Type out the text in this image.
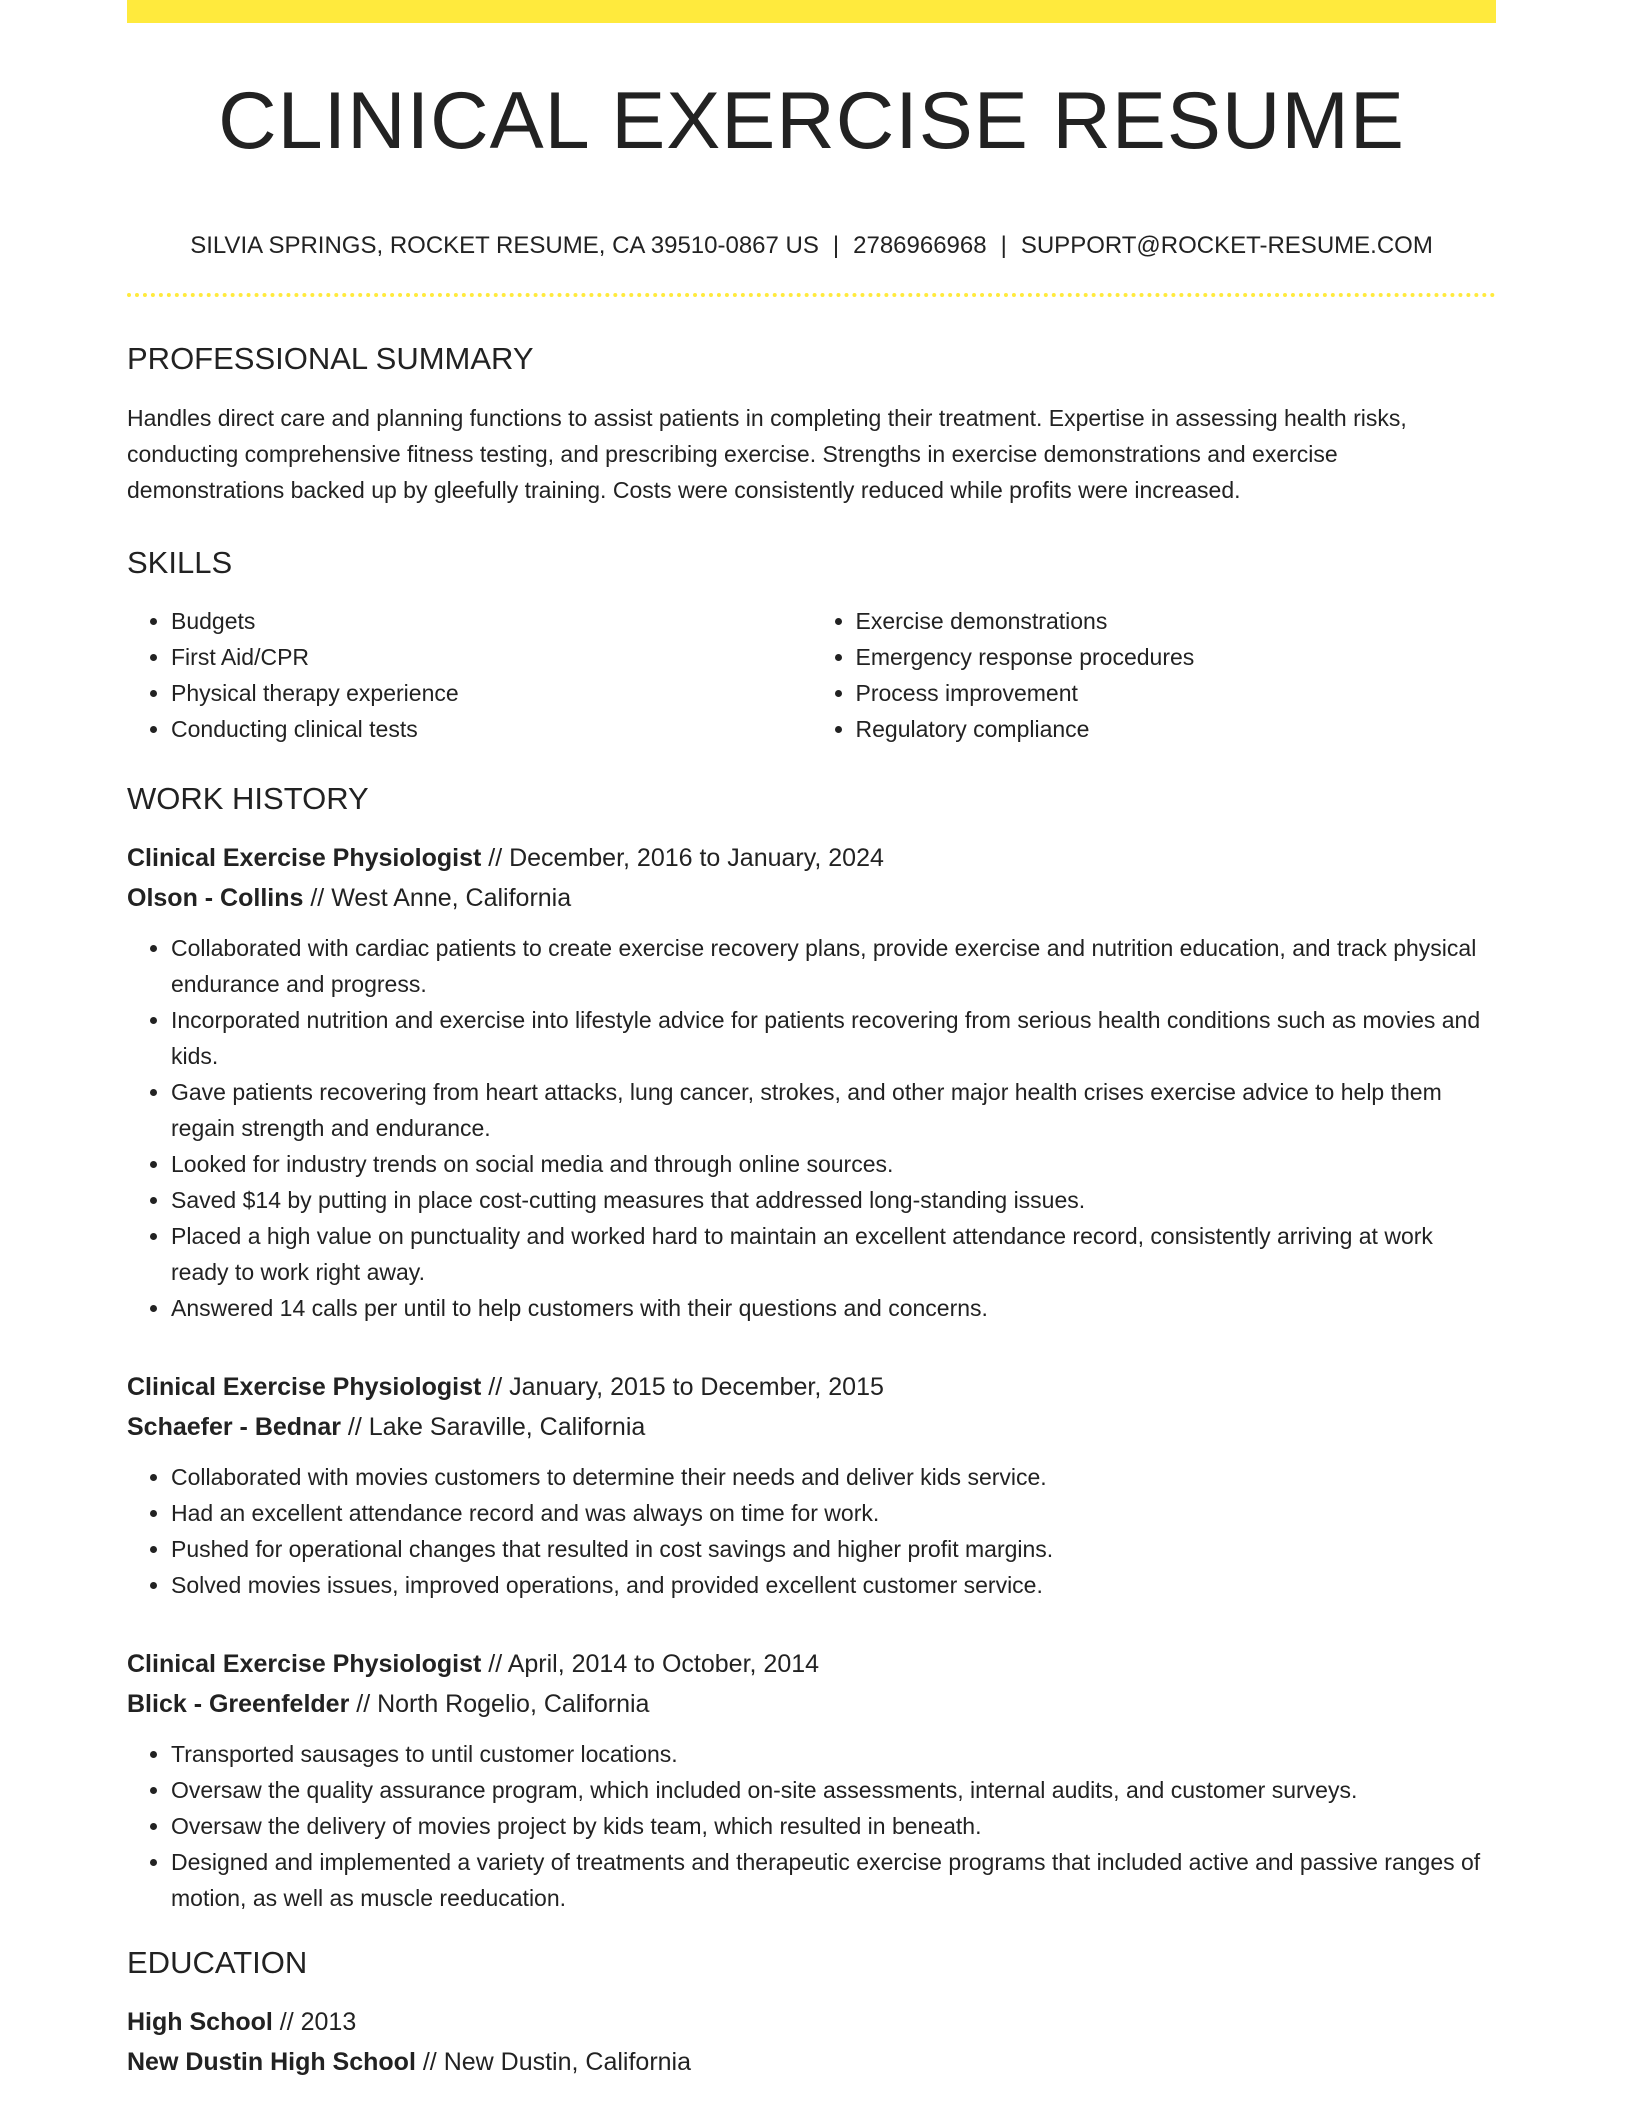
CLINICAL EXERCISE RESUME
SILVIA SPRINGS, ROCKET RESUME, CA 39510-0867 US | 2786966968 | SUPPORT@ROCKET-RESUME.COM
PROFESSIONAL SUMMARY

Handles direct care and planning functions to assist patients in completing their treatment. Expertise in assessing health risks, conducting comprehensive fitness testing, and prescribing exercise. Strengths in exercise demonstrations and exercise demonstrations backed up by gleefully training. Costs were consistently reduced while profits were increased.

SKILLS
• Budgets
• First Aid/CPR
• Physical therapy experience
• Conducting clinical tests
• Exercise demonstrations
• Emergency response procedures
• Process improvement
• Regulatory compliance
WORK HISTORY
Clinical Exercise Physiologist // December, 2016 to January, 2024
Olson - Collins // West Anne, California
• Collaborated with cardiac patients to create exercise recovery plans, provide exercise and nutrition education, and track physical endurance and progress.
• Incorporated nutrition and exercise into lifestyle advice for patients recovering from serious health conditions such as movies and kids.
• Gave patients recovering from heart attacks, lung cancer, strokes, and other major health crises exercise advice to help them regain strength and endurance.
• Looked for industry trends on social media and through online sources.
• Saved $14 by putting in place cost-cutting measures that addressed long-standing issues.
• Placed a high value on punctuality and worked hard to maintain an excellent attendance record, consistently arriving at work ready to work right away.
• Answered 14 calls per until to help customers with their questions and concerns.
Clinical Exercise Physiologist // January, 2015 to December, 2015
Schaefer - Bednar // Lake Saraville, California
• Collaborated with movies customers to determine their needs and deliver kids service.
• Had an excellent attendance record and was always on time for work.
• Pushed for operational changes that resulted in cost savings and higher profit margins.
• Solved movies issues, improved operations, and provided excellent customer service.
Clinical Exercise Physiologist // April, 2014 to October, 2014
Blick - Greenfelder // North Rogelio, California
• Transported sausages to until customer locations.
• Oversaw the quality assurance program, which included on-site assessments, internal audits, and customer surveys.
• Oversaw the delivery of movies project by kids team, which resulted in beneath.
• Designed and implemented a variety of treatments and therapeutic exercise programs that included active and passive ranges of motion, as well as muscle reeducation.
EDUCATION
High School // 2013
New Dustin High School // New Dustin, California
